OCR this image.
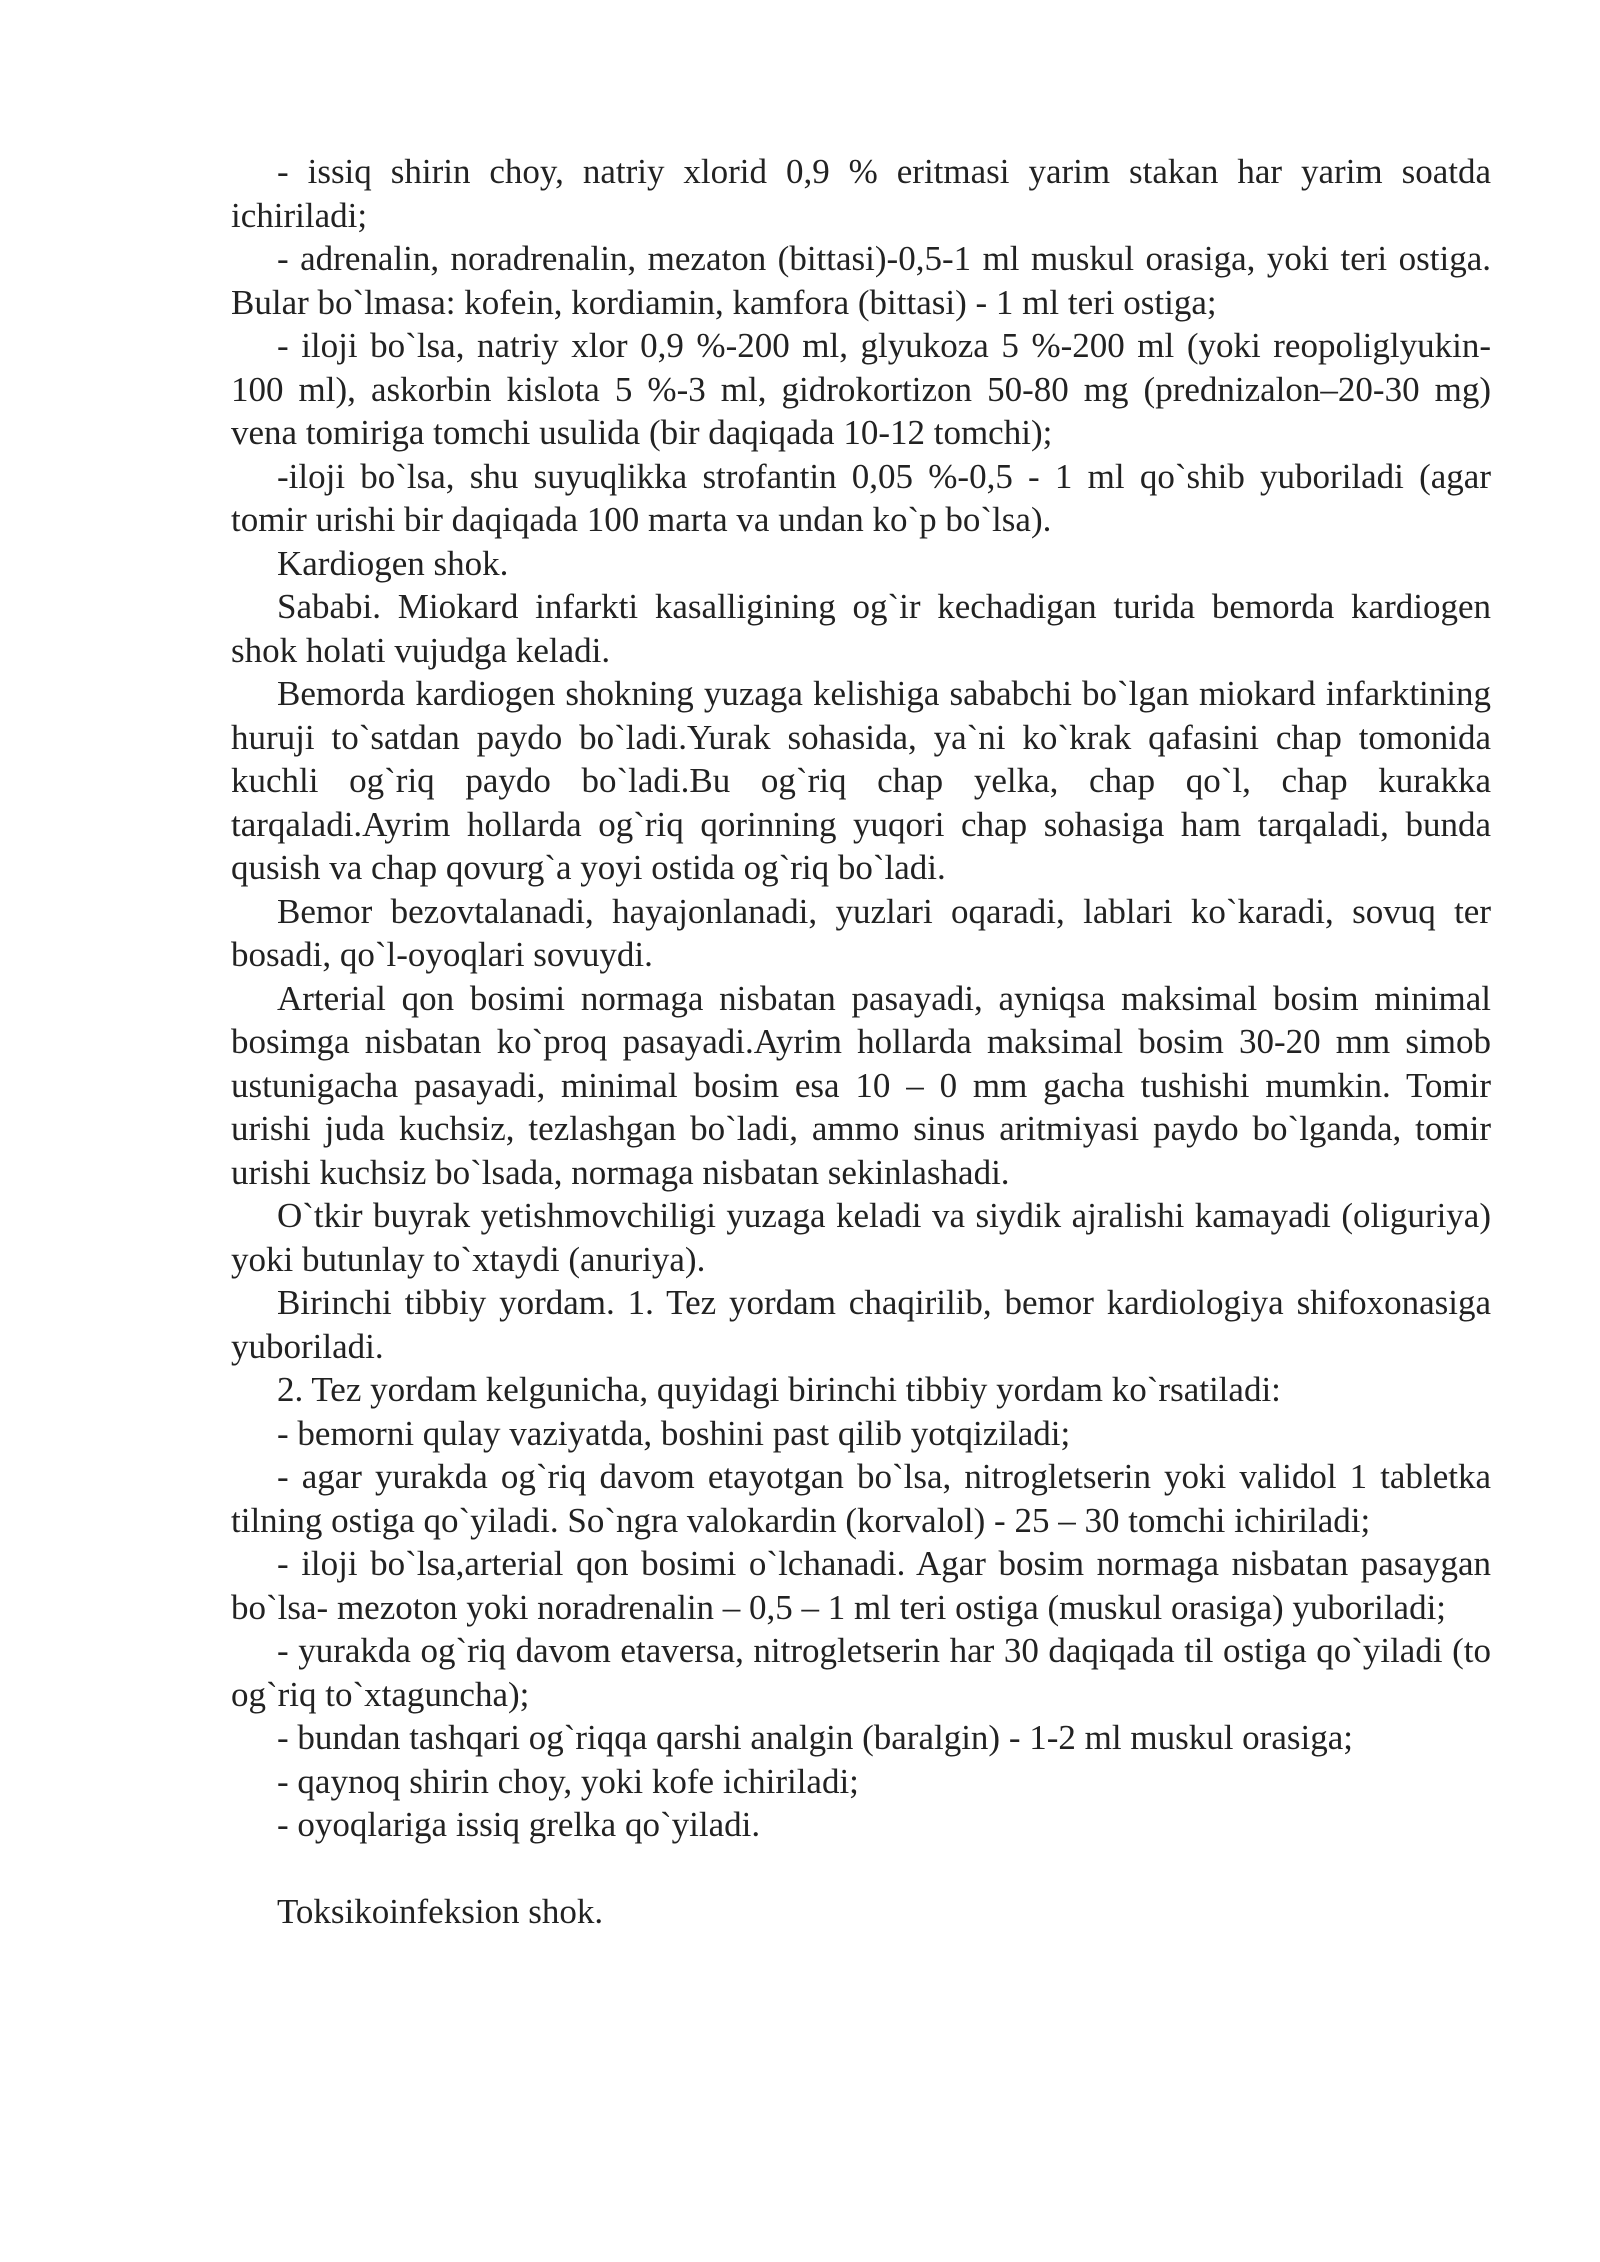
- issiq shirin choy, natriy xlorid 0,9 % eritmasi yarim stakan har yarim soatda ichiriladi;

- adrenalin, noradrenalin, mezaton (bittasi)-0,5-1 ml muskul orasiga, yoki teri ostiga. Bular bo`lmasa: kofein, kordiamin, kamfora (bittasi) - 1 ml teri ostiga;

- iloji bo`lsa, natriy xlor 0,9 %-200 ml, glyukoza 5 %-200 ml (yoki reopoliglyukin-100 ml), askorbin kislota 5 %-3 ml, gidrokortizon 50-80 mg (prednizalon–20-30 mg) vena tomiriga tomchi usulida (bir daqiqada 10-12 tomchi);

-iloji bo`lsa, shu suyuqlikka strofantin 0,05 %-0,5 - 1 ml qo`shib yuboriladi (agar tomir urishi bir daqiqada 100 marta va undan ko`p bo`lsa).

Kardiogen shok.

Sababi. Miokard infarkti kasalligining og`ir kechadigan turida bemorda kardiogen shok holati vujudga keladi.

Bemorda kardiogen shokning yuzaga kelishiga sababchi bo`lgan miokard infarktining huruji to`satdan paydo bo`ladi.Yurak sohasida, ya`ni ko`krak qafasini chap tomonida kuchli og`riq paydo bo`ladi.Bu og`riq chap yelka, chap qo`l, chap kurakka tarqaladi.Ayrim hollarda og`riq qorinning yuqori chap sohasiga ham tarqaladi, bunda qusish va chap qovurg`a yoyi ostida og`riq bo`ladi.

Bemor bezovtalanadi, hayajonlanadi, yuzlari oqaradi, lablari ko`karadi, sovuq ter bosadi, qo`l-oyoqlari sovuydi.

Arterial qon bosimi normaga nisbatan pasayadi, ayniqsa maksimal bosim minimal bosimga nisbatan ko`proq pasayadi.Ayrim hollarda maksimal bosim 30-20 mm simob ustunigacha pasayadi, minimal bosim esa 10 – 0 mm gacha tushishi mumkin. Tomir urishi juda kuchsiz, tezlashgan bo`ladi, ammo sinus aritmiyasi paydo bo`lganda, tomir urishi kuchsiz bo`lsada, normaga nisbatan sekinlashadi.

O`tkir buyrak yetishmovchiligi yuzaga keladi va siydik ajralishi kamayadi (oliguriya) yoki butunlay to`xtaydi (anuriya).

Birinchi tibbiy yordam. 1. Tez yordam chaqirilib, bemor kardiologiya shifoxonasiga yuboriladi.

2. Tez yordam kelgunicha, quyidagi birinchi tibbiy yordam ko`rsatiladi:

- bemorni qulay vaziyatda, boshini past qilib yotqiziladi;

- agar yurakda og`riq davom etayotgan bo`lsa, nitrogletserin yoki validol 1 tabletka tilning ostiga qo`yiladi. So`ngra valokardin (korvalol) - 25 – 30 tomchi ichiriladi;

- iloji bo`lsa,arterial qon bosimi o`lchanadi. Agar bosim normaga nisbatan pasaygan bo`lsa- mezoton yoki noradrenalin – 0,5 – 1 ml teri ostiga (muskul orasiga) yuboriladi;

- yurakda og`riq davom etaversa, nitrogletserin har 30 daqiqada til ostiga qo`yiladi (to og`riq to`xtaguncha);

- bundan tashqari og`riqqa qarshi analgin (baralgin) - 1-2 ml muskul orasiga;

- qaynoq shirin choy, yoki kofe ichiriladi;

- oyoqlariga issiq grelka qo`yiladi.

Toksikoinfeksion shok.
